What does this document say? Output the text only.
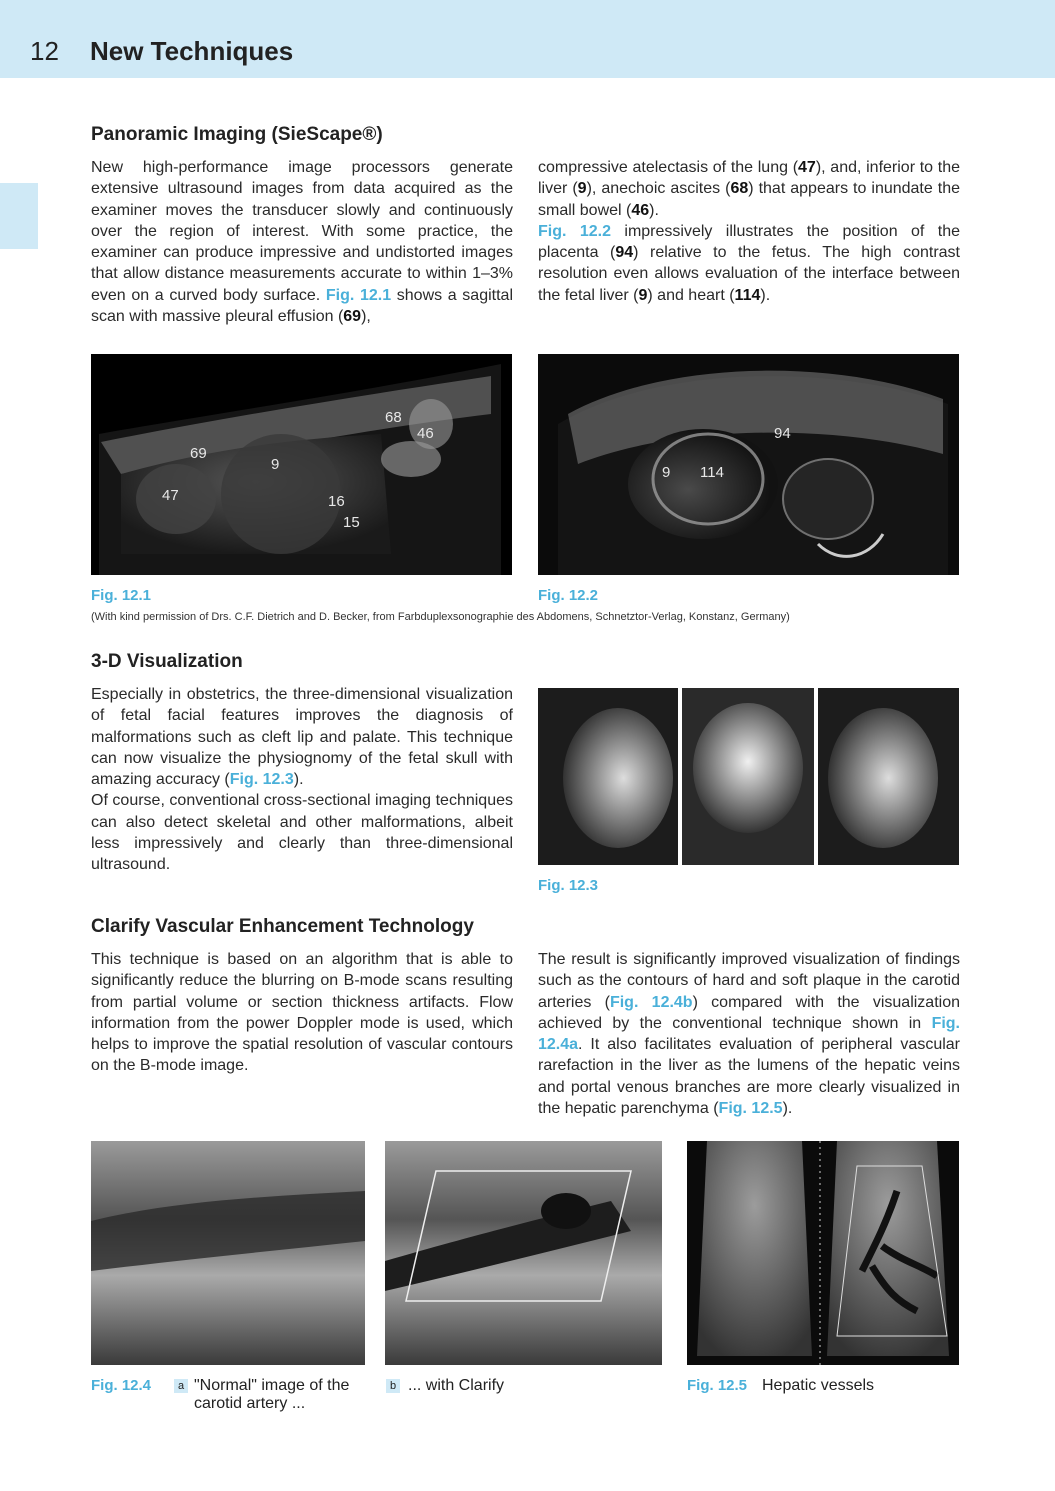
12 New Techniques
Panoramic Imaging (SieScape®)

New high-performance image processors generate extensive ultrasound images from data acquired as the examiner moves the transducer slowly and continuously over the region of interest. With some practice, the examiner can produce impressive and undistorted images that allow distance measurements accurate to within 1–3% even on a curved body surface. Fig. 12.1 shows a sagittal scan with massive pleural effusion (69),

compressive atelectasis of the lung (47), and, inferior to the liver (9), anechoic ascites (68) that appears to inundate the small bowel (46).
Fig. 12.2 impressively illustrates the position of the placenta (94) relative to the fetus. The high contrast resolution even allows evaluation of the interface between the fetal liver (9) and heart (114).

68
46
69
9
47	16
15

Fig. 12.1

94
9 114

Fig. 12.2

(With kind permission of Drs. C.F. Dietrich and D. Becker, from Farbduplexsonographie des Abdomens, Schnetztor-Verlag, Konstanz, Germany)

3-D Visualization

Especially in obstetrics, the three-dimensional visualization of fetal facial features improves the diagnosis of malformations such as cleft lip and palate. This technique can now visualize the physiognomy of the fetal skull with amazing accuracy (Fig. 12.3).
Of course, conventional cross-sectional imaging techniques can also detect skeletal and other malformations, albeit less impressively and clearly than three-dimensional ultrasound.

Fig. 12.3

Clarify Vascular Enhancement Technology

This technique is based on an algorithm that is able to significantly reduce the blurring on B-mode scans resulting from partial volume or section thickness artifacts. Flow information from the power Doppler mode is used, which helps to improve the spatial resolution of vascular contours on the B-mode image.

The result is significantly improved visualization of findings such as the contours of hard and soft plaque in the carotid arteries (Fig. 12.4b) compared with the visualization achieved by the conventional technique shown in Fig. 12.4a. It also facilitates evaluation of peripheral vascular rarefaction in the liver as the lumens of the hepatic veins and portal venous branches are more clearly visualized in the hepatic parenchyma (Fig. 12.5).

Fig. 12.4	a "Normal" image of the
carotid artery ...

b ... with Clarify	Fig. 12.5 Hepatic vessels
